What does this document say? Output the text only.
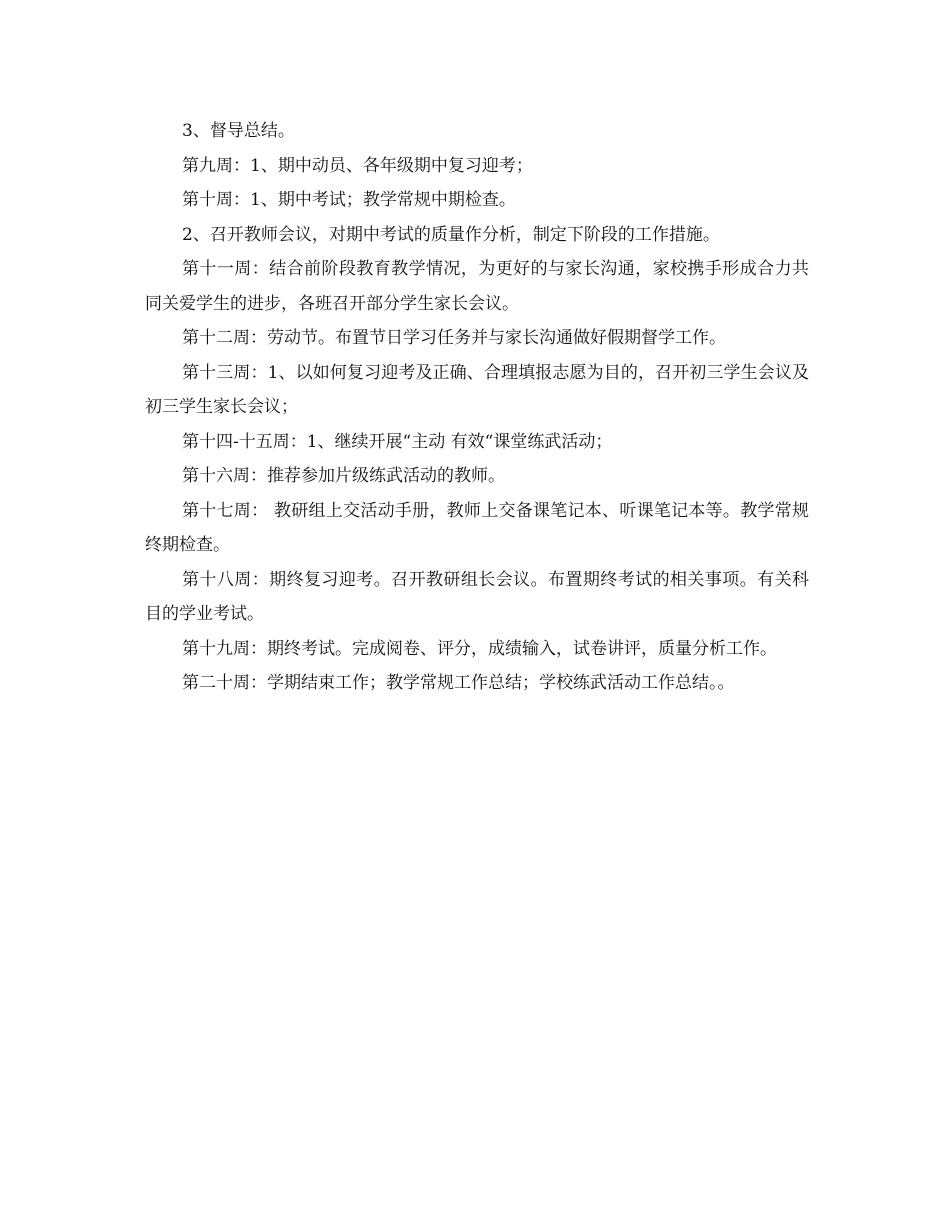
3、督导总结。

第九周：1、期中动员、各年级期中复习迎考；

第十周：1、期中考试；教学常规中期检查。

2、召开教师会议，对期中考试的质量作分析，制定下阶段的工作措施。

第十一周：结合前阶段教育教学情况，为更好的与家长沟通，家校携手形成合力共同关爱学生的进步，各班召开部分学生家长会议。

第十二周：劳动节。布置节日学习任务并与家长沟通做好假期督学工作。

第十三周：1、以如何复习迎考及正确、合理填报志愿为目的，召开初三学生会议及初三学生家长会议；

第十四-十五周：1、继续开展“主动 有效“课堂练武活动；

第十六周：推荐参加片级练武活动的教师。

第十七周： 教研组上交活动手册，教师上交备课笔记本、听课笔记本等。教学常规终期检查。

第十八周：期终复习迎考。召开教研组长会议。布置期终考试的相关事项。有关科目的学业考试。

第十九周：期终考试。完成阅卷、评分，成绩输入，试卷讲评，质量分析工作。

第二十周：学期结束工作；教学常规工作总结；学校练武活动工作总结。。
